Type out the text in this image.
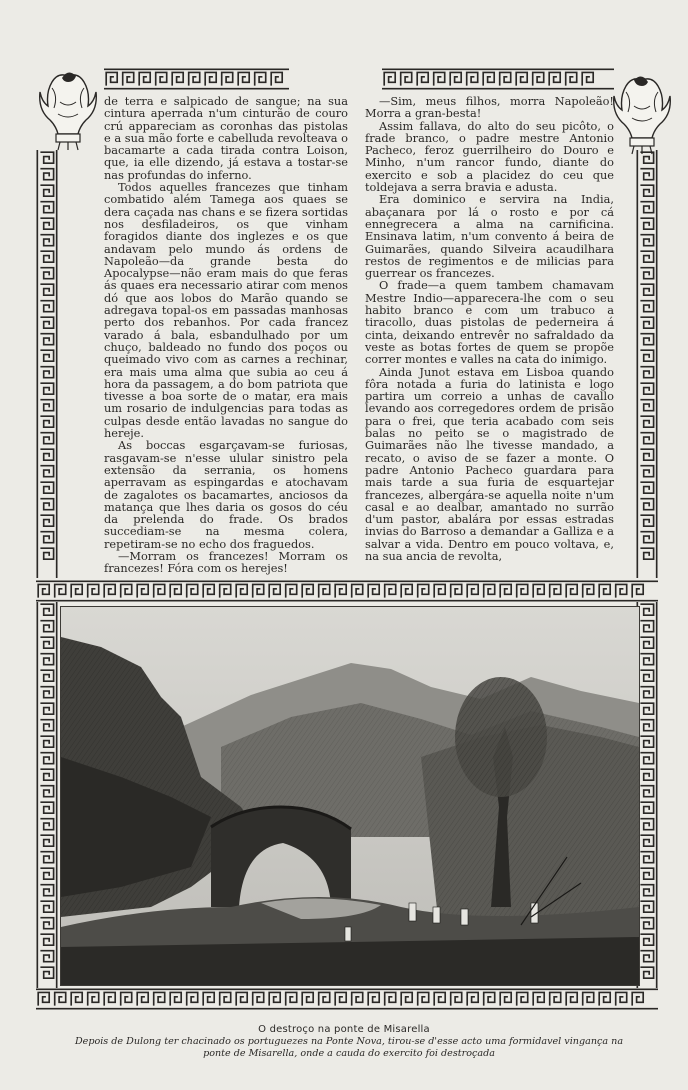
de terra e salpicado de sangue; na sua cintura aperrada n'um cinturão de couro crú appareciam as coronhas das pistolas e a sua mão forte e cabelluda revolteava o bacamarte a cada tirada contra Loison, que, ia elle dizendo, já estava a tostar-se nas profundas do inferno.

Todos aquelles francezes que tinham combatido além Tamega aos quaes se dera caçada nas chans e se fizera sortidas nos desfiladeiros, os que vinham foragidos diante dos inglezes e os que andavam pelo mundo ás ordens de Napoleão—da grande besta do Apocalypse—não eram mais do que feras ás quaes era necessario atirar com menos dó que aos lobos do Marão quando se adregava topal-os em passadas manhosas perto dos rebanhos. Por cada francez varado á bala, esbandulhado por um chuço, baldeado no fundo dos poços ou queimado vivo com as carnes a rechinar, era mais uma alma que subia ao ceu á hora da passagem, a do bom patriota que tivesse a boa sorte de o matar, era mais um rosario de indulgencias para todas as culpas desde então lavadas no sangue do hereje.

As boccas esgarçavam-se furiosas, rasgavam-se n'esse ulular sinistro pela extensão da serrania, os homens aperravam as espingardas e atochavam de zagalotes os bacamartes, anciosos da matança que lhes daria os gosos do céu da prelenda do frade. Os brados succediam-se na mesma colera, repetiram-se no echo dos fraguedos.

—Morram os francezes! Morram os francezes! Fóra com os herejes!

—Sim, meus filhos, morra Napoleão! Morra a gran-besta!

Assim fallava, do alto do seu picôto, o frade branco, o padre mestre Antonio Pacheco, feroz guerrilheiro do Douro e Minho, n'um rancor fundo, diante do exercito e sob a placidez do ceu que toldejava a serra bravia e adusta.

Era dominico e servira na India, abaçanara por lá o rosto e por cá ennegrecera a alma na carnificina. Ensinava latim, n'um convento á beira de Guimarães, quando Silveira acaudilhara restos de regimentos e de milicias para guerrear os francezes.

O frade—a quem tambem chamavam Mestre Indio—apparecera-lhe com o seu habito branco e com um trabuco a tiracollo, duas pistolas de pederneira á cinta, deixando entrevêr no safraldado da veste as botas fortes de quem se propõe correr montes e valles na cata do inimigo.

Ainda Junot estava em Lisboa quando fôra notada a furia do latinista e logo partira um correio a unhas de cavallo levando aos corregedores ordem de prisão para o frei, que teria acabado com seis balas no peito se o magistrado de Guimarães não lhe tivesse mandado, a recato, o aviso de se fazer a monte. O padre Antonio Pacheco guardara para mais tarde a sua furia de esquartejar francezes, albergára-se aquella noite n'um casal e ao dealbar, amantado no surrão d'um pastor, abalára por essas estradas invias do Barroso a demandar a Galliza e a salvar a vida. Dentro em pouco voltava, e, na sua ancia de revolta,

O destroço na ponte de Misarella
Depois de Dulong ter chacinado os portuguezes na Ponte Nova, tirou-se d'esse acto uma formidavel vingança na ponte de Misarella, onde a cauda do exercito foi destroçada
